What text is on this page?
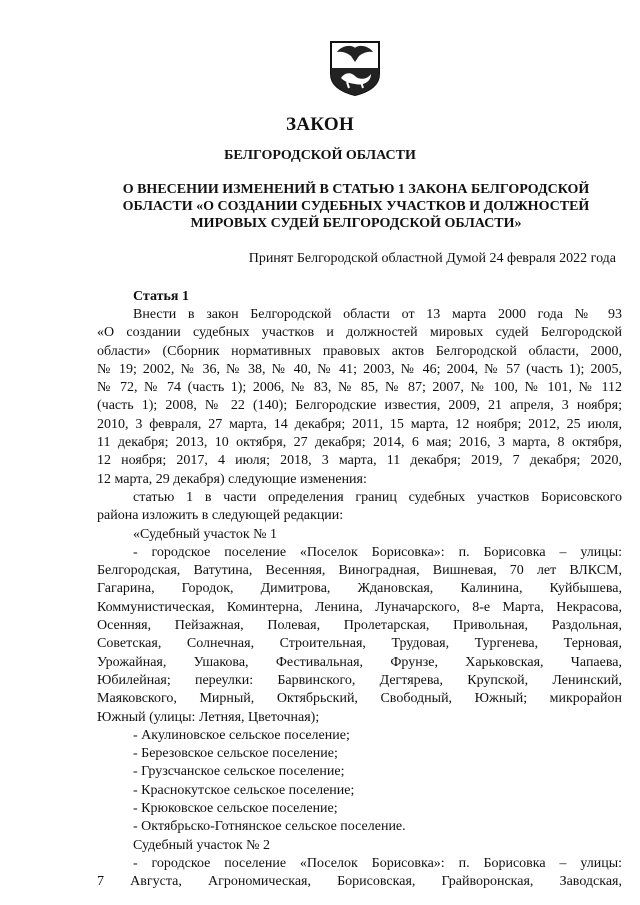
ЗАКОН
БЕЛГОРОДСКОЙ ОБЛАСТИ
О ВНЕСЕНИИ ИЗМЕНЕНИЙ В СТАТЬЮ 1 ЗАКОНА БЕЛГОРОДСКОЙ ОБЛАСТИ «О СОЗДАНИИ СУДЕБНЫХ УЧАСТКОВ И ДОЛЖНОСТЕЙ МИРОВЫХ СУДЕЙ БЕЛГОРОДСКОЙ ОБЛАСТИ»
Принят Белгородской областной Думой 24 февраля 2022 года
Статья 1

Внести в закон Белгородской области от 13 марта 2000 года № 93

«О создании судебных участков и должностей мировых судей Белгородской

области» (Сборник нормативных правовых актов Белгородской области, 2000,

№ 19; 2002, № 36, № 38, № 40, № 41; 2003, № 46; 2004, № 57 (часть 1); 2005,

№ 72, № 74 (часть 1); 2006, № 83, № 85, № 87; 2007, № 100, № 101, № 112

(часть 1); 2008, № 22 (140); Белгородские известия, 2009, 21 апреля, 3 ноября;

2010, 3 февраля, 27 марта, 14 декабря; 2011, 15 марта, 12 ноября; 2012, 25 июля,

11 декабря; 2013, 10 октября, 27 декабря; 2014, 6 мая; 2016, 3 марта, 8 октября,

12 ноября; 2017, 4 июля; 2018, 3 марта, 11 декабря; 2019, 7 декабря; 2020,

12 марта, 29 декабря) следующие изменения:

статью 1 в части определения границ судебных участков Борисовского

района изложить в следующей редакции:

«Судебный участок № 1

- городское поселение «Поселок Борисовка»: п. Борисовка – улицы:

Белгородская, Ватутина, Весенняя, Виноградная, Вишневая, 70 лет ВЛКСМ,

Гагарина, Городок, Димитрова, Ждановская, Калинина, Куйбышева,

Коммунистическая, Коминтерна, Ленина, Луначарского, 8-е Марта, Некрасова,

Осенняя, Пейзажная, Полевая, Пролетарская, Привольная, Раздольная,

Советская, Солнечная, Строительная, Трудовая, Тургенева, Терновая,

Урожайная, Ушакова, Фестивальная, Фрунзе, Харьковская, Чапаева,

Юбилейная; переулки: Барвинского, Дегтярева, Крупской, Ленинский,

Маяковского, Мирный, Октябрьский, Свободный, Южный; микрорайон

Южный (улицы: Летняя, Цветочная);

- Акулиновское сельское поселение;

- Березовское сельское поселение;

- Грузсчанское сельское поселение;

- Краснокутское сельское поселение;

- Крюковское сельское поселение;

- Октябрьско-Готнянское сельское поселение.

Судебный участок № 2

- городское поселение «Поселок Борисовка»: п. Борисовка – улицы:

7 Августа, Агрономическая, Борисовская, Грайворонская, Заводская,
